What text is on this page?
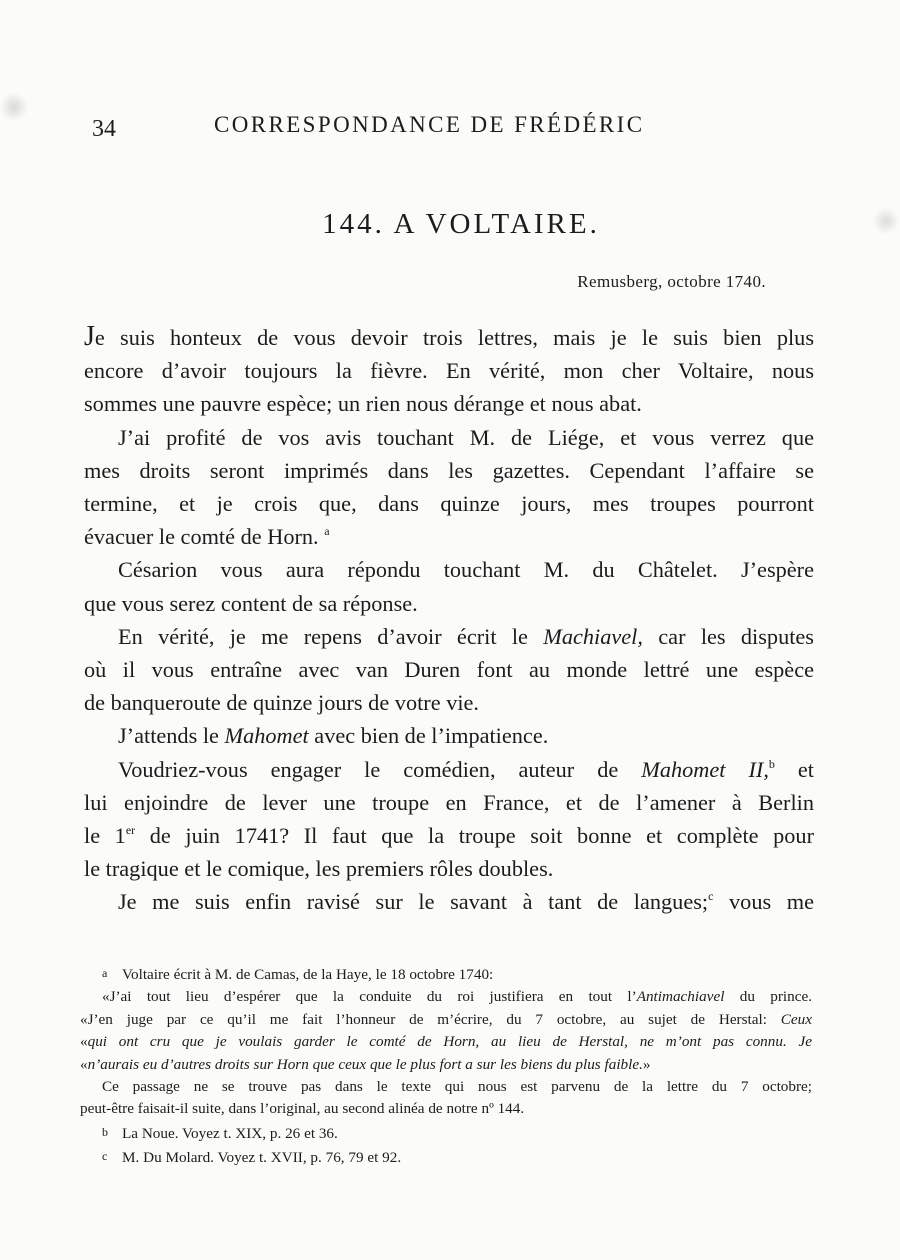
34	CORRESPONDANCE DE FRÉDÉRIC
144. A VOLTAIRE.
Remusberg, octobre 1740.

Je suis honteux de vous devoir trois lettres, mais je le suis bien plus

encore d’avoir toujours la fièvre. En vérité, mon cher Voltaire, nous

sommes une pauvre espèce; un rien nous dérange et nous abat.

J’ai profité de vos avis touchant M. de Liége, et vous verrez que

mes droits seront imprimés dans les gazettes. Cependant l’affaire se

termine, et je crois que, dans quinze jours, mes troupes pourront

évacuer le comté de Horn. $^a$

Césarion vous aura répondu touchant M. du Châtelet. J’espère

que vous serez content de sa réponse.

En vérité, je me repens d’avoir écrit le Machiavel, car les disputes

où il vous entraîne avec van Duren font au monde lettré une espèce

de banqueroute de quinze jours de votre vie.

J’attends le Mahomet avec bien de l’impatience.

Voudriez-vous engager le comédien, auteur de Mahomet II,$^b$ et

lui enjoindre de lever une troupe en France, et de l’amener à Berlin

le 1er de juin 1741? Il faut que la troupe soit bonne et complète pour

le tragique et le comique, les premiers rôles doubles.

Je me suis enfin ravisé sur le savant à tant de langues;$^c$ vous me

a Voltaire écrit à M. de Camas, de la Haye, le 18 octobre 1740:

«J’ai tout lieu d’espérer que la conduite du roi justifiera en tout l’Antimachiavel du prince.

«J’en juge par ce qu’il me fait l’honneur de m’écrire, du 7 octobre, au sujet de Herstal: Ceux

«qui ont cru que je voulais garder le comté de Horn, au lieu de Herstal, ne m’ont pas connu. Je

«n’aurais eu d’autres droits sur Horn que ceux que le plus fort a sur les biens du plus faible.»

Ce passage ne se trouve pas dans le texte qui nous est parvenu de la lettre du 7 octobre;

peut-être faisait-il suite, dans l’original, au second alinéa de notre nº 144.

b La Noue. Voyez t. XIX, p. 26 et 36.

c M. Du Molard. Voyez t. XVII, p. 76, 79 et 92.
